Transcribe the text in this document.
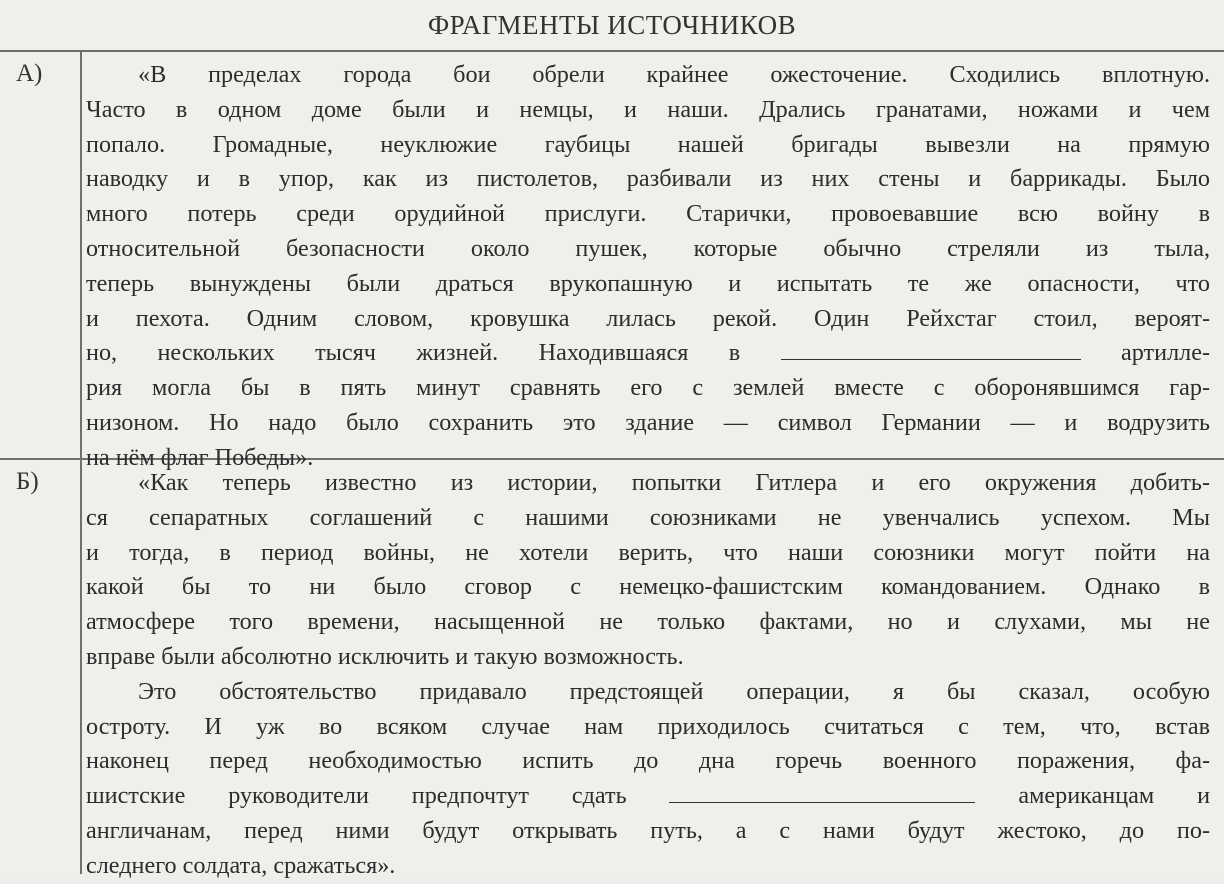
ФРАГМЕНТЫ ИСТОЧНИКОВ
А)	«В пределах города бои обрели крайнее ожесточение. Сходились вплотную.
Часто в одном доме были и немцы, и наши. Дрались гранатами, ножами и чем
попало. Громадные, неуклюжие гаубицы нашей бригады вывезли на прямую
наводку и в упор, как из пистолетов, разбивали из них стены и баррикады. Было
много потерь среди орудийной прислуги. Старички, провоевавшие всю войну в
относительной безопасности около пушек, которые обычно стреляли из тыла,
теперь вынуждены были драться врукопашную и испытать те же опасности, что
и пехота. Одним словом, кровушка лилась рекой. Один Рейхстаг стоил, вероят-
но, нескольких тысяч жизней. Находившаяся в	артилле-
рия могла бы в пять минут сравнять его с землей вместе с оборонявшимся гар-
низоном. Но надо было сохранить это здание — символ Германии — и водрузить
на нём флаг Победы».
Б)	«Как теперь известно из истории, попытки Гитлера и его окружения добить-
ся сепаратных соглашений с нашими союзниками не увенчались успехом. Мы
и тогда, в период войны, не хотели верить, что наши союзники могут пойти на
какой бы то ни было сговор с немецко-фашистским командованием. Однако в
атмосфере того времени, насыщенной не только фактами, но и слухами, мы не
вправе были абсолютно исключить и такую возможность.
Это обстоятельство придавало предстоящей операции, я бы сказал, особую
остроту. И уж во всяком случае нам приходилось считаться с тем, что, встав
наконец перед необходимостью испить до дна горечь военного поражения, фа-
шистские руководители предпочтут сдать	американцам и
англичанам, перед ними будут открывать путь, а с нами будут жестоко, до по-
следнего солдата, сражаться».
